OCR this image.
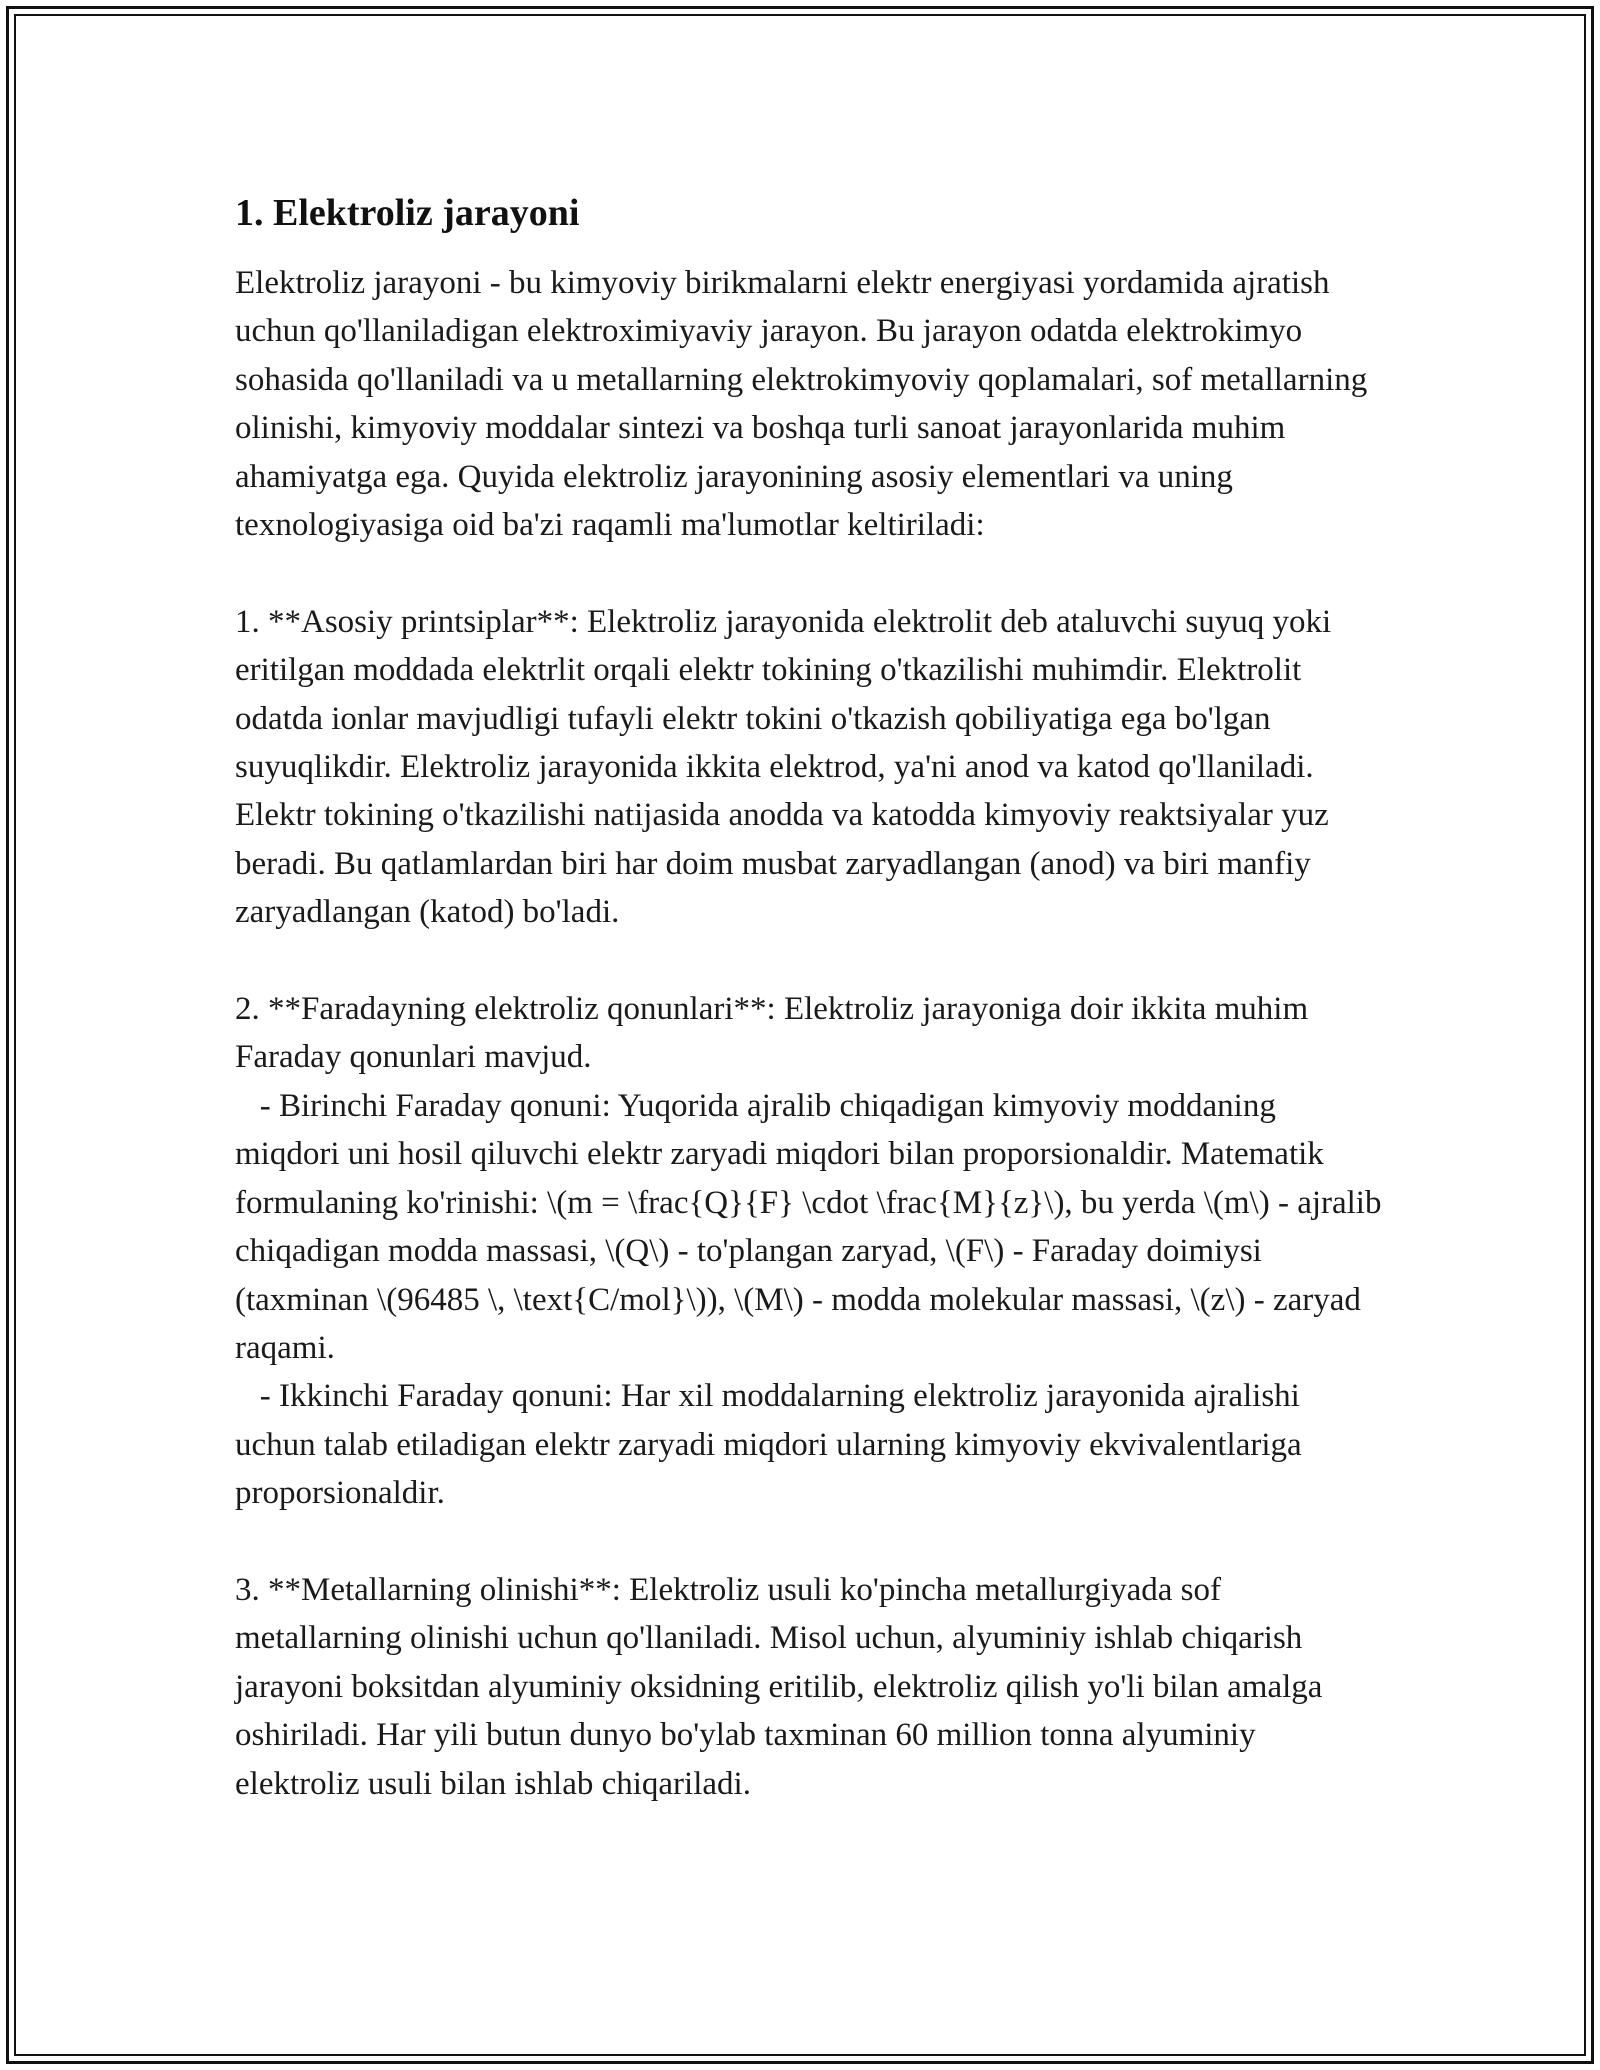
1. Elektroliz jarayoni

Elektroliz jarayoni - bu kimyoviy birikmalarni elektr energiyasi yordamida ajratish uchun qo'llaniladigan elektroximiyaviy jarayon. Bu jarayon odatda elektrokimyo sohasida qo'llaniladi va u metallarning elektrokimyoviy qoplamalari, sof metallarning olinishi, kimyoviy moddalar sintezi va boshqa turli sanoat jarayonlarida muhim ahamiyatga ega. Quyida elektroliz jarayonining asosiy elementlari va uning texnologiyasiga oid ba'zi raqamli ma'lumotlar keltiriladi:

1. **Asosiy printsiplar**: Elektroliz jarayonida elektrolit deb ataluvchi suyuq yoki eritilgan moddada elektrlit orqali elektr tokining o'tkazilishi muhimdir. Elektrolit odatda ionlar mavjudligi tufayli elektr tokini o'tkazish qobiliyatiga ega bo'lgan suyuqlikdir. Elektroliz jarayonida ikkita elektrod, ya'ni anod va katod qo'llaniladi. Elektr tokining o'tkazilishi natijasida anodda va katodda kimyoviy reaktsiyalar yuz beradi. Bu qatlamlardan biri har doim musbat zaryadlangan (anod) va biri manfiy zaryadlangan (katod) bo'ladi.

2. **Faradayning elektroliz qonunlari**: Elektroliz jarayoniga doir ikkita muhim Faraday qonunlari mavjud.
- Birinchi Faraday qonuni: Yuqorida ajralib chiqadigan kimyoviy moddaning miqdori uni hosil qiluvchi elektr zaryadi miqdori bilan proporsionaldir. Matematik formulaning ko'rinishi: \(m = \frac{Q}{F} \cdot \frac{M}{z}\), bu yerda \(m\) - ajralib chiqadigan modda massasi, \(Q\) - to'plangan zaryad, \(F\) - Faraday doimiysi (taxminan \(96485 \, \text{C/mol}\)), \(M\) - modda molekular massasi, \(z\) - zaryad raqami.
- Ikkinchi Faraday qonuni: Har xil moddalarning elektroliz jarayonida ajralishi uchun talab etiladigan elektr zaryadi miqdori ularning kimyoviy ekvivalentlariga proporsionaldir.

3. **Metallarning olinishi**: Elektroliz usuli ko'pincha metallurgiyada sof metallarning olinishi uchun qo'llaniladi. Misol uchun, alyuminiy ishlab chiqarish jarayoni boksitdan alyuminiy oksidning eritilib, elektroliz qilish yo'li bilan amalga oshiriladi. Har yili butun dunyo bo'ylab taxminan 60 million tonna alyuminiy elektroliz usuli bilan ishlab chiqariladi.
